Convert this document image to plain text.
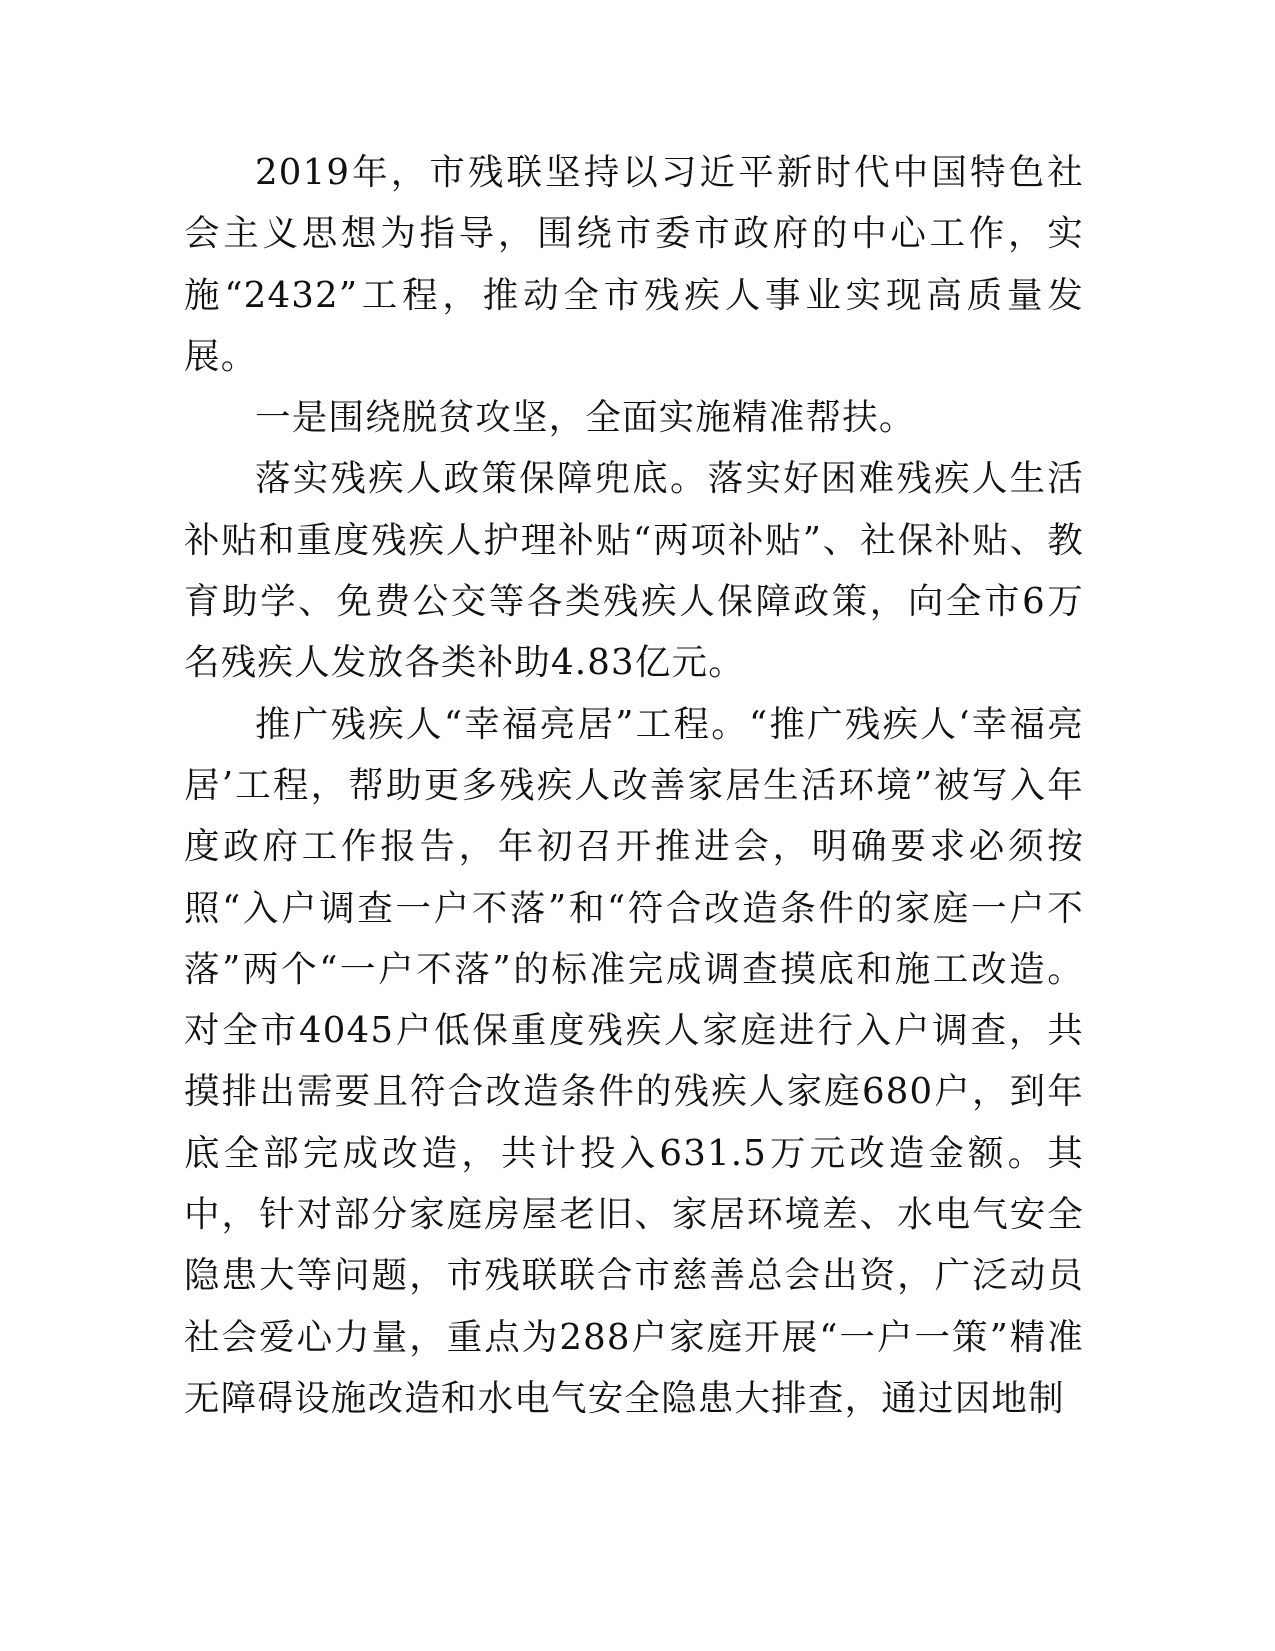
2019年，市残联坚持以习近平新时代中国特色社会主义思想为指导，围绕市委市政府的中心工作，实施“2432”工程，推动全市残疾人事业实现高质量发展。

一是围绕脱贫攻坚，全面实施精准帮扶。

落实残疾人政策保障兜底。落实好困难残疾人生活补贴和重度残疾人护理补贴“两项补贴”、社保补贴、教育助学、免费公交等各类残疾人保障政策，向全市6万名残疾人发放各类补助4.83亿元。

推广残疾人“幸福亮居”工程。“推广残疾人‘幸福亮居’工程，帮助更多残疾人改善家居生活环境”被写入年度政府工作报告，年初召开推进会，明确要求必须按照“入户调查一户不落”和“符合改造条件的家庭一户不落”两个“一户不落”的标准完成调查摸底和施工改造。对全市4045户低保重度残疾人家庭进行入户调查，共摸排出需要且符合改造条件的残疾人家庭680户，到年底全部完成改造，共计投入631.5万元改造金额。其中，针对部分家庭房屋老旧、家居环境差、水电气安全隐患大等问题，市残联联合市慈善总会出资，广泛动员社会爱心力量，重点为288户家庭开展“一户一策”精准无障碍设施改造和水电气安全隐患大排查，通过因地制
